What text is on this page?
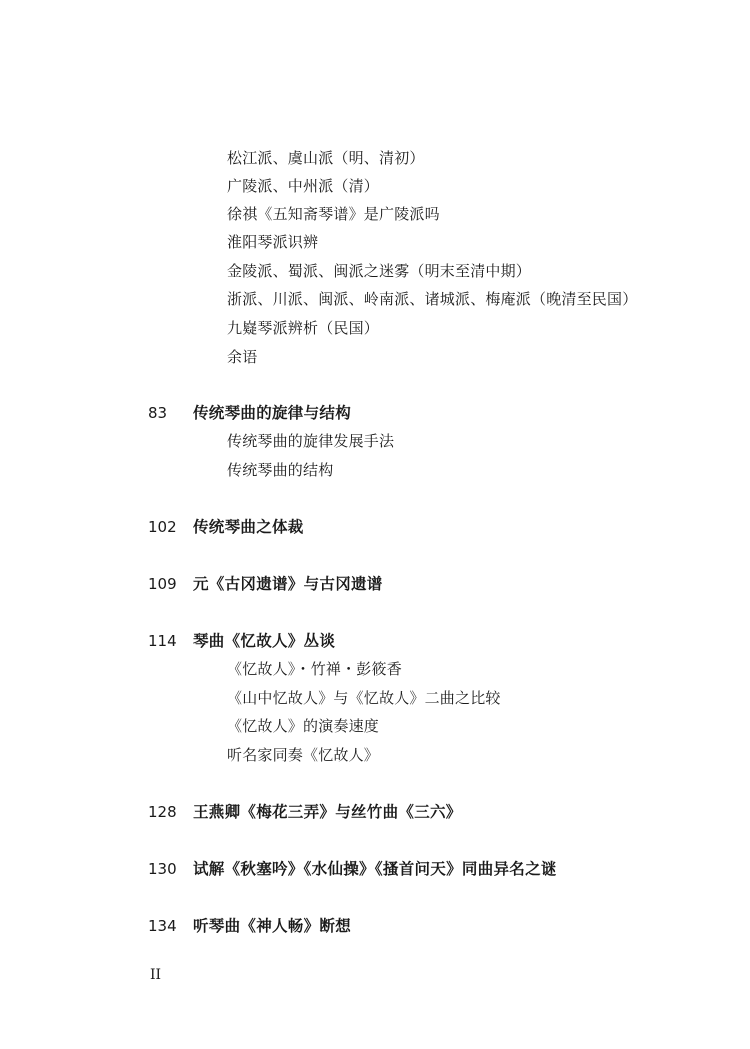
松江派、虞山派（明、清初）
广陵派、中州派（清）
徐祺《五知斋琴谱》是广陵派吗
淮阳琴派识辨
金陵派、蜀派、闽派之迷雾（明末至清中期）
浙派、川派、闽派、岭南派、诸城派、梅庵派（晚清至民国）
九嶷琴派辨析（民国）
余语
83	传统琴曲的旋律与结构
传统琴曲的旋律发展手法
传统琴曲的结构
102	传统琴曲之体裁
109	元《古冈遗谱》与古冈遗谱
114	琴曲《忆故人》丛谈
《忆故人》・竹禅・彭筱香
《山中忆故人》与《忆故人》二曲之比较
《忆故人》的演奏速度
听名家同奏《忆故人》
128	王燕卿《梅花三弄》与丝竹曲《三六》
130	试解《秋塞吟》《水仙操》《搔首问天》同曲异名之谜
134	听琴曲《神人畅》断想
II
